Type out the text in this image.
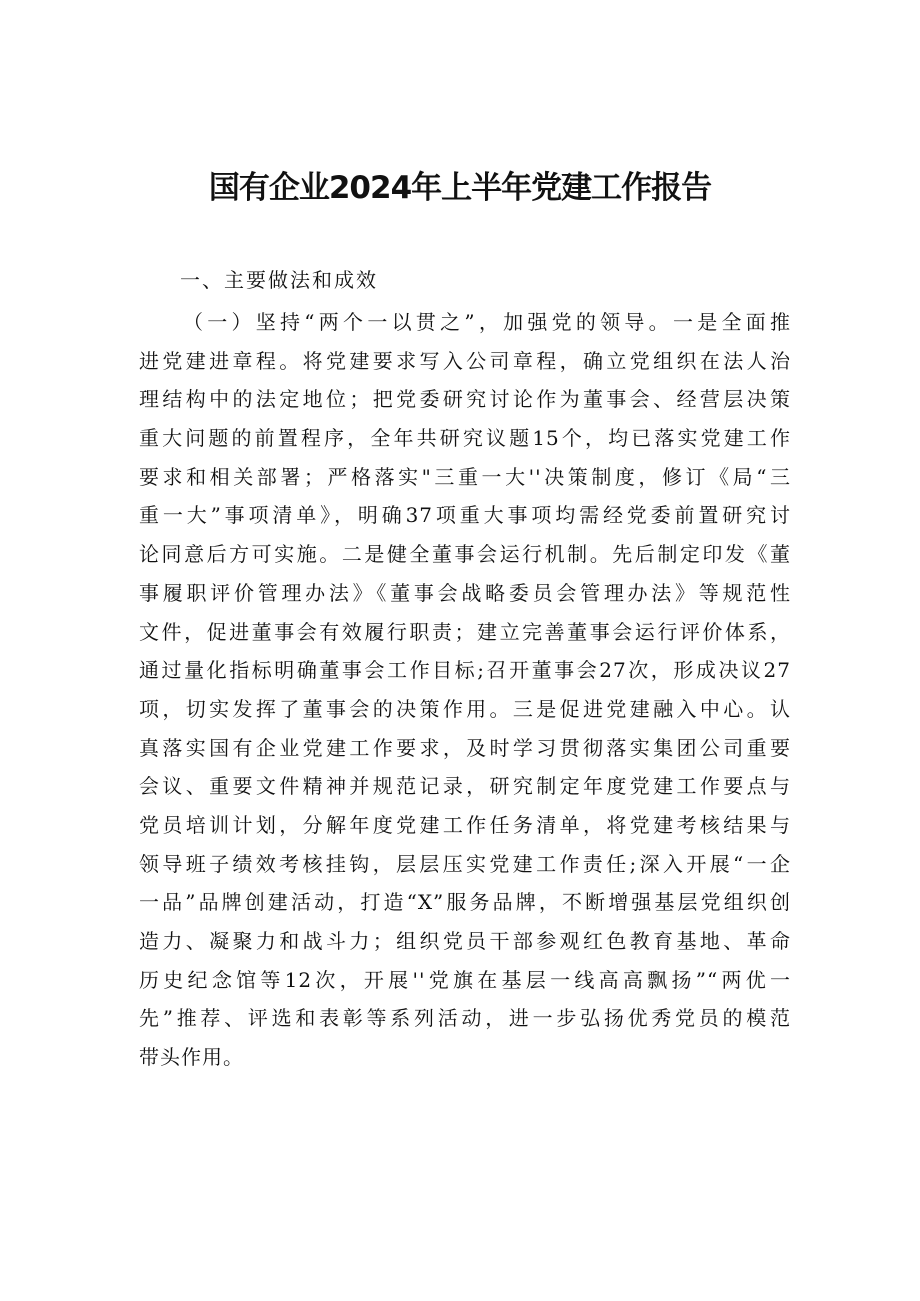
国有企业2024年上半年党建工作报告

一、主要做法和成效

（一）坚持“两个一以贯之”，加强党的领导。一是全面推
进党建进章程。将党建要求写入公司章程，确立党组织在法人治
理结构中的法定地位；把党委研究讨论作为董事会、经营层决策
重大问题的前置程序，全年共研究议题15个，均已落实党建工作
要求和相关部署；严格落实"三重一大''决策制度，修订《局“三
重一大”事项清单》，明确37项重大事项均需经党委前置研究讨
论同意后方可实施。二是健全董事会运行机制。先后制定印发《董
事履职评价管理办法》《董事会战略委员会管理办法》等规范性
文件，促进董事会有效履行职责；建立完善董事会运行评价体系，
通过量化指标明确董事会工作目标;召开董事会27次，形成决议27
项，切实发挥了董事会的决策作用。三是促进党建融入中心。认
真落实国有企业党建工作要求，及时学习贯彻落实集团公司重要
会议、重要文件精神并规范记录，研究制定年度党建工作要点与
党员培训计划，分解年度党建工作任务清单，将党建考核结果与
领导班子绩效考核挂钩，层层压实党建工作责任;深入开展“一企
一品”品牌创建活动，打造“X”服务品牌，不断增强基层党组织创
造力、凝聚力和战斗力；组织党员干部参观红色教育基地、革命
历史纪念馆等12次，开展''党旗在基层一线高高飘扬”“两优一
先”推荐、评选和表彰等系列活动，进一步弘扬优秀党员的模范
带头作用。
